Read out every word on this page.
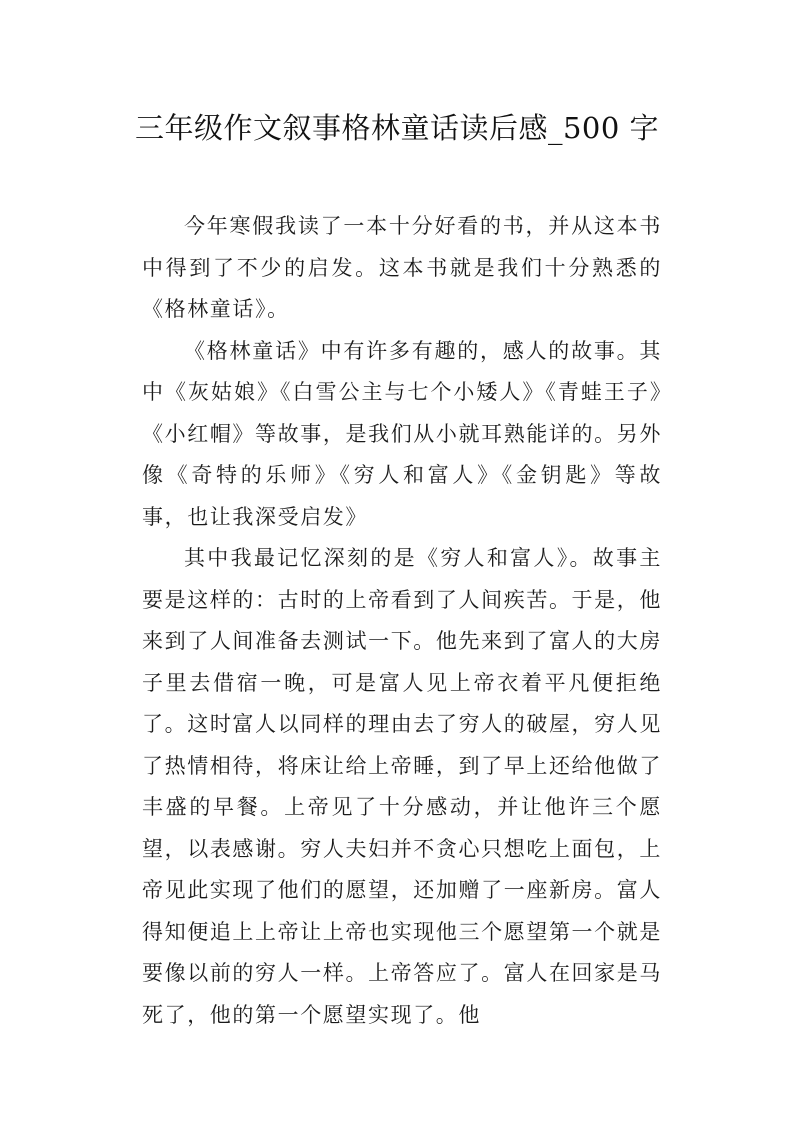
三年级作文叙事格林童话读后感_500 字

今年寒假我读了一本十分好看的书，并从这本书中得到了不少的启发。这本书就是我们十分熟悉的《格林童话》。

《格林童话》中有许多有趣的，感人的故事。其中《灰姑娘》《白雪公主与七个小矮人》《青蛙王子》《小红帽》等故事，是我们从小就耳熟能详的。另外像《奇特的乐师》《穷人和富人》《金钥匙》等故事，也让我深受启发》

其中我最记忆深刻的是《穷人和富人》。故事主要是这样的：古时的上帝看到了人间疾苦。于是，他来到了人间准备去测试一下。他先来到了富人的大房子里去借宿一晚，可是富人见上帝衣着平凡便拒绝了。这时富人以同样的理由去了穷人的破屋，穷人见了热情相待，将床让给上帝睡，到了早上还给他做了丰盛的早餐。上帝见了十分感动，并让他许三个愿望，以表感谢。穷人夫妇并不贪心只想吃上面包，上帝见此实现了他们的愿望，还加赠了一座新房。富人得知便追上上帝让上帝也实现他三个愿望第一个就是要像以前的穷人一样。上帝答应了。富人在回家是马死了，他的第一个愿望实现了。他
